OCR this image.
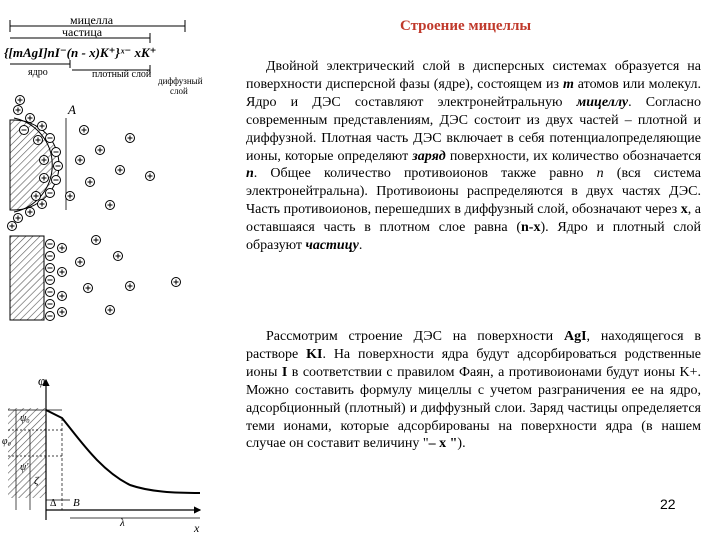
мицелла
частица
{[mAgI]nI⁻(n - x)K⁺}ˣ⁻ xK⁺
ядро	плотный слой
диффузный
слой
A
φ
ψ₀
φ₀
ψ'
ζ
Δ B
λ	x
Строение мицеллы
Двойной электрический слой в дисперсных системах образуется на поверхности дисперсной фазы (ядре), состоящем из m атомов или молекул. Ядро и ДЭС составляют электронейтральную мицеллу. Согласно современным представлениям, ДЭС состоит из двух частей – плотной и диффузной. Плотная часть ДЭС включает в себя потенциалопределяющие ионы, которые определяют заряд поверхности, их количество обозначается n. Общее количество противоионов также равно n (вся система электронейтральна). Противоионы распределяются в двух частях ДЭС. Часть противоионов, перешедших в диффузный слой, обозначают через x, а оставшаяся часть в плотном слое равна (n-x). Ядро и плотный слой образуют частицу.
Рассмотрим строение ДЭС на поверхности AgI, находящегося в растворе KI. На поверхности ядра будут адсорбироваться родственные ионы I в соответствии с правилом Фаян, а противоионами будут ионы K+. Можно составить формулу мицеллы с учетом разграничения ее на ядро, адсорбционный (плотный) и диффузный слои. Заряд частицы определяется теми ионами, которые адсорбированы на поверхности ядра (в нашем случае он составит величину "– x ").
22
